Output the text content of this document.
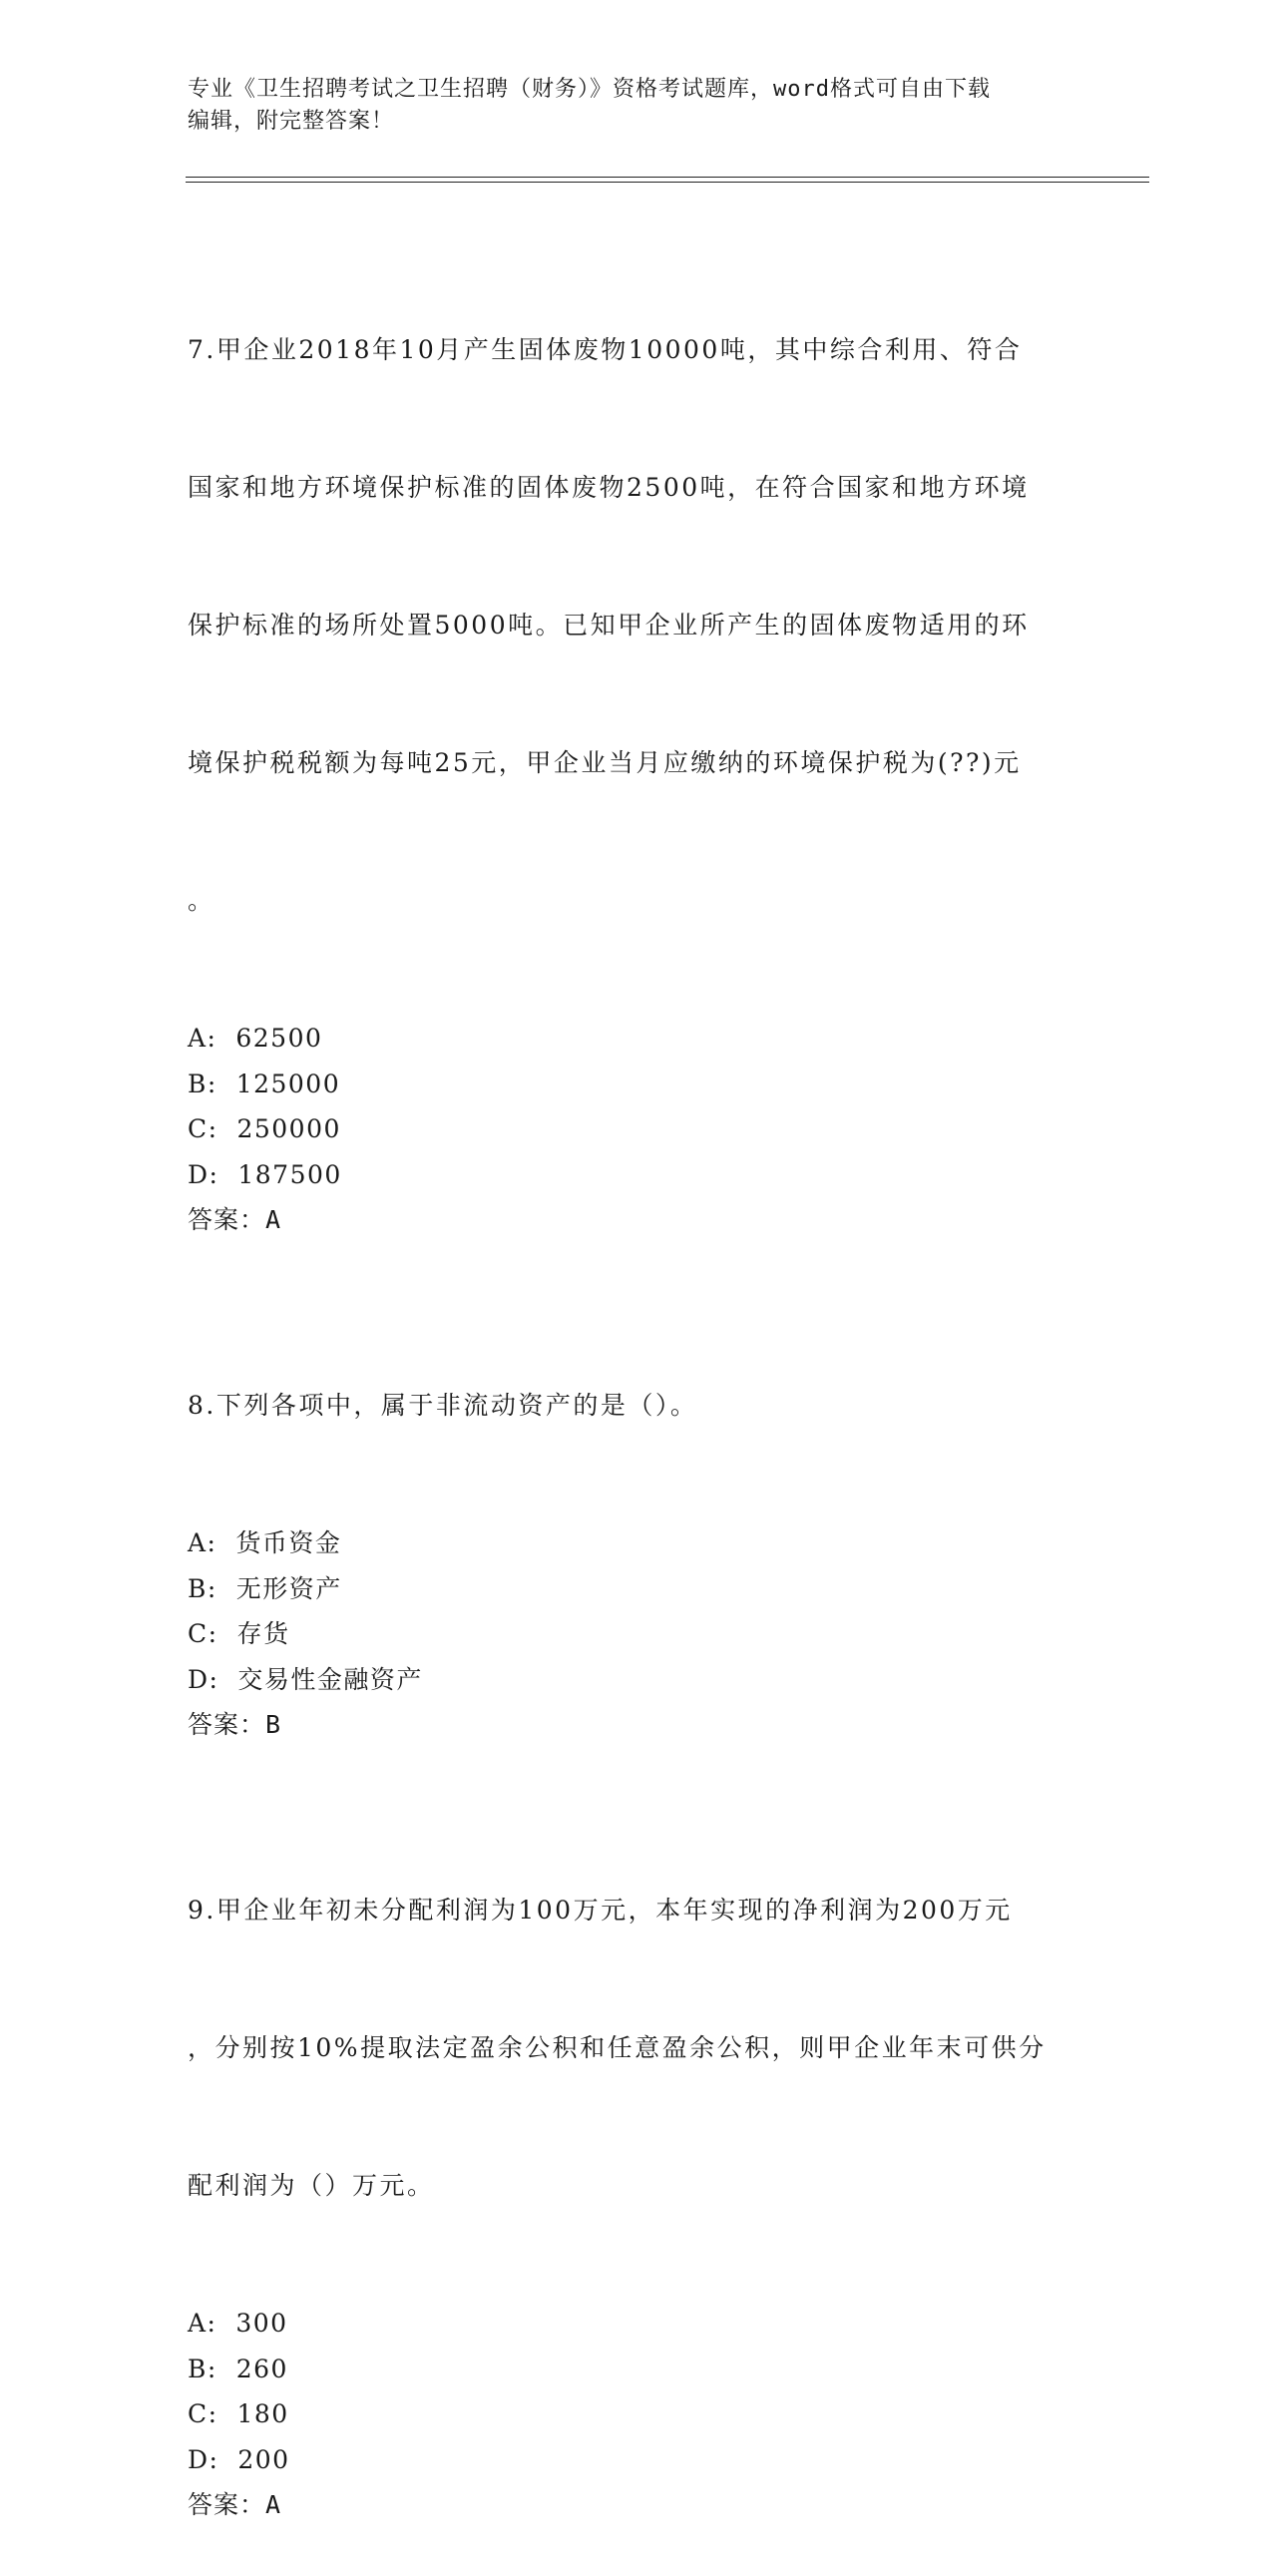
专业《卫生招聘考试之卫生招聘（财务）》资格考试题库，word格式可自由下载
编辑，附完整答案！

7.甲企业2018年10月产生固体废物10000吨，其中综合利用、符合

国家和地方环境保护标准的固体废物2500吨，在符合国家和地方环境

保护标准的场所处置5000吨。已知甲企业所产生的固体废物适用的环

境保护税税额为每吨25元，甲企业当月应缴纳的环境保护税为(??)元

。

A:  62500
B:  125000
C:  250000
D:  187500
答案：A

8.下列各项中，属于非流动资产的是（）。

A:  货币资金
B:  无形资产
C:  存货
D:  交易性金融资产
答案：B

9.甲企业年初未分配利润为100万元，本年实现的净利润为200万元

，分别按10%提取法定盈余公积和任意盈余公积，则甲企业年末可供分

配利润为（）万元。

A:  300
B:  260
C:  180
D:  200
答案：A
